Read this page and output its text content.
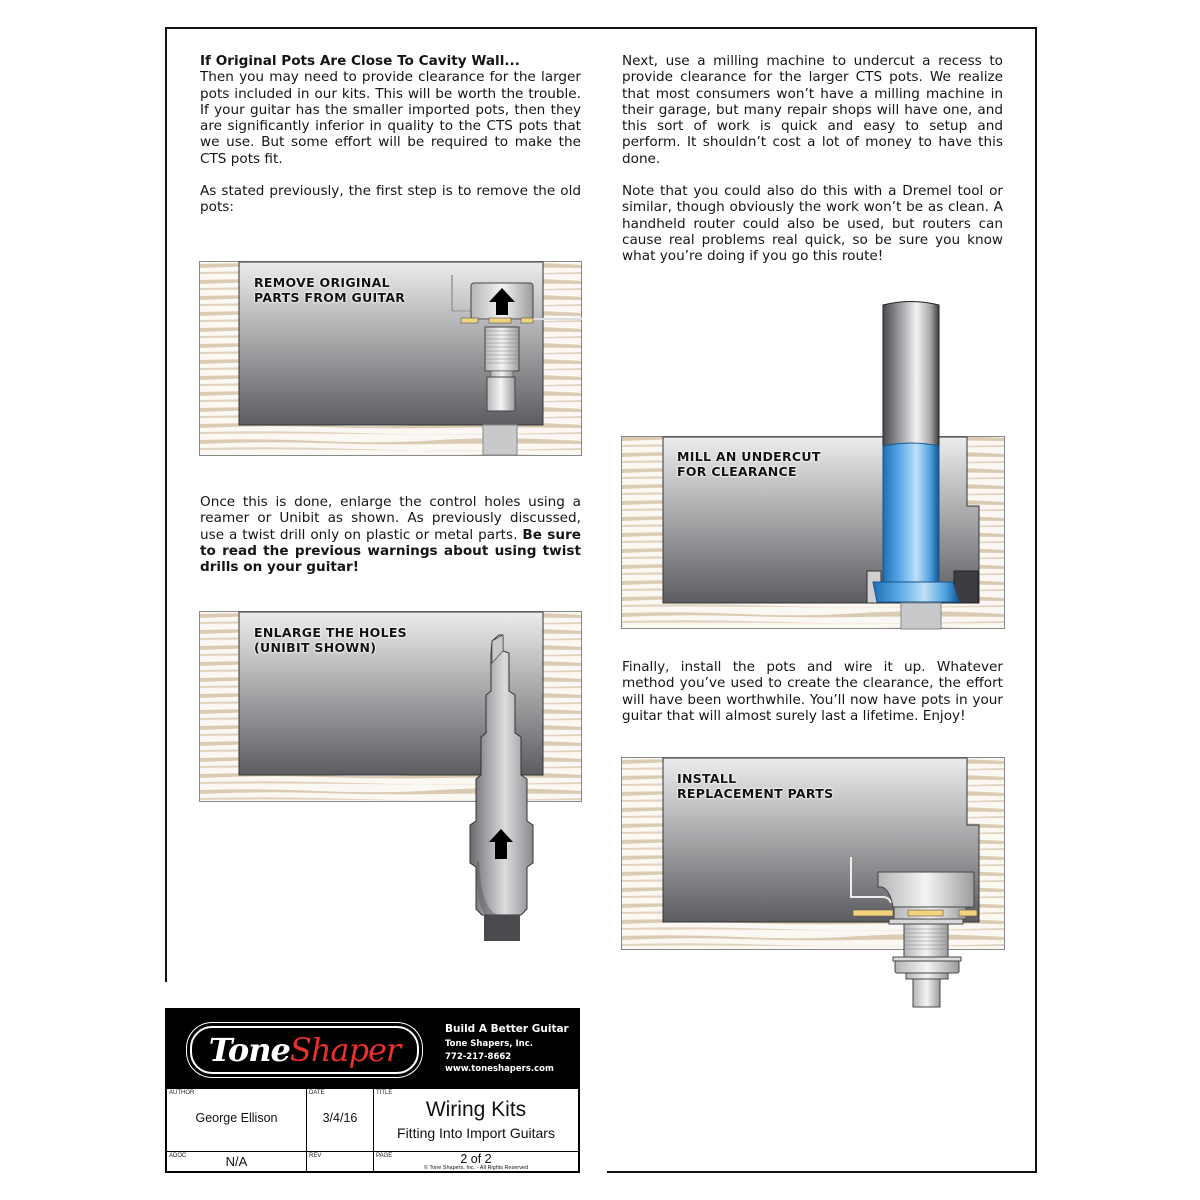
If Original Pots Are Close To Cavity Wall...
Then you may need to provide clearance for the larger pots included in our kits. This will be worth the trouble. If your guitar has the smaller imported pots, then they are significantly inferior in quality to the CTS pots that we use. But some effort will be required to make the CTS pots fit.

As stated previously, the first step is to remove the old pots:

REMOVE ORIGINAL
PARTS FROM GUITAR

Once this is done, enlarge the control holes using a reamer or Unibit as shown. As previously discussed, use a twist drill only on plastic or metal parts. Be sure to read the previous warnings about using twist drills on your guitar!

ENLARGE THE HOLES
(UNIBIT SHOWN)

Next, use a milling machine to undercut a recess to provide clearance for the larger CTS pots. We realize that most consumers won’t have a milling machine in their garage, but many repair shops will have one, and this sort of work is quick and easy to setup and perform. It shouldn’t cost a lot of money to have this done.

Note that you could also do this with a Dremel tool or similar, though obviously the work won’t be as clean. A handheld router could also be used, but routers can cause real problems real quick, so be sure you know what you’re doing if you go this route!

MILL AN UNDERCUT
FOR CLEARANCE

Finally, install the pots and wire it up. Whatever method you’ve used to create the clearance, the effort will have been worthwhile. You’ll now have pots in your guitar that will almost surely last a lifetime. Enjoy!

INSTALL
REPLACEMENT PARTS
ToneShaper
Build A Better Guitar
Tone Shapers, Inc.
772-217-8662
www.toneshapers.com
AUTHOR
George Ellison
DATE
3/4/16
TITLE
Wiring Kits
Fitting Into Import Guitars
ADOC	N/A	REV	PAGE	2 of 2
© Tone Shapers, Inc. - All Rights Reserved
